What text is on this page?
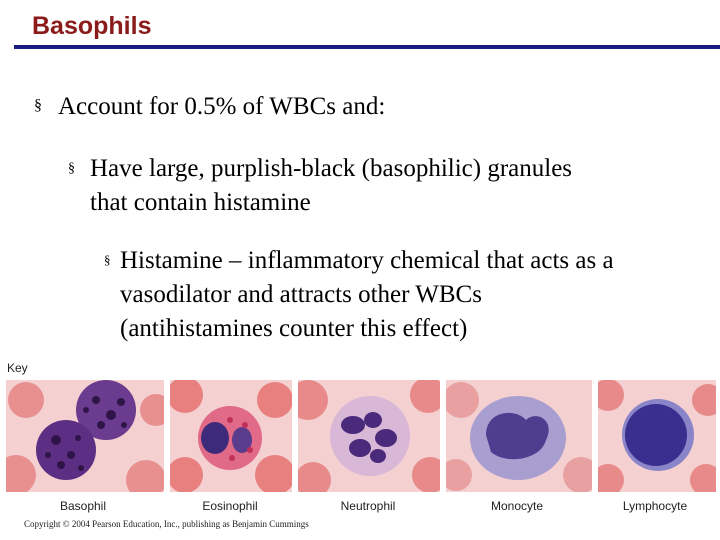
Basophils
§ Account for 0.5% of WBCs and:
§ Have large, purplish-black (basophilic) granules
that contain histamine
§ Histamine – inflammatory chemical that acts as a
vasodilator and attracts other WBCs
(antihistamines counter this effect)
Key
Basophil	Eosinophil	Neutrophil	Monocyte	Lymphocyte
Copyright © 2004 Pearson Education, Inc., publishing as Benjamin Cummings
